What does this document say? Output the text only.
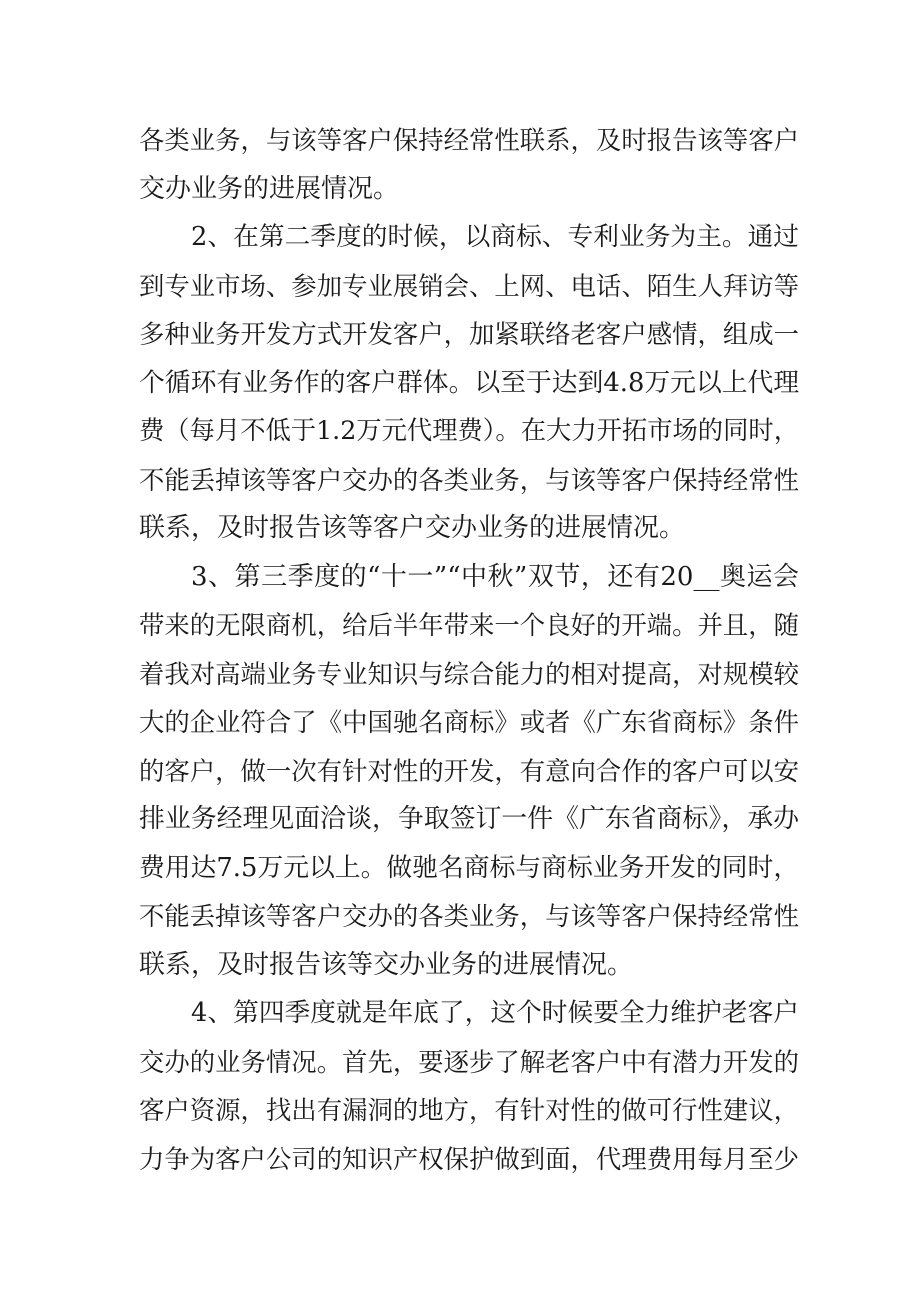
各类业务，与该等客户保持经常性联系，及时报告该等客户
交办业务的进展情况。

2、在第二季度的时候，以商标、专利业务为主。通过
到专业市场、参加专业展销会、上网、电话、陌生人拜访等
多种业务开发方式开发客户，加紧联络老客户感情，组成一
个循环有业务作的客户群体。以至于达到4.8万元以上代理
费（每月不低于1.2万元代理费）。在大力开拓市场的同时，
不能丢掉该等客户交办的各类业务，与该等客户保持经常性
联系，及时报告该等客户交办业务的进展情况。

3、第三季度的“十一”“中秋”双节，还有20__奥运会
带来的无限商机，给后半年带来一个良好的开端。并且，随
着我对高端业务专业知识与综合能力的相对提高，对规模较
大的企业符合了《中国驰名商标》或者《广东省商标》条件
的客户，做一次有针对性的开发，有意向合作的客户可以安
排业务经理见面洽谈，争取签订一件《广东省商标》，承办
费用达7.5万元以上。做驰名商标与商标业务开发的同时，
不能丢掉该等客户交办的各类业务，与该等客户保持经常性
联系，及时报告该等交办业务的进展情况。

4、第四季度就是年底了，这个时候要全力维护老客户
交办的业务情况。首先，要逐步了解老客户中有潜力开发的
客户资源，找出有漏洞的地方，有针对性的做可行性建议，
力争为客户公司的知识产权保护做到面，代理费用每月至少
